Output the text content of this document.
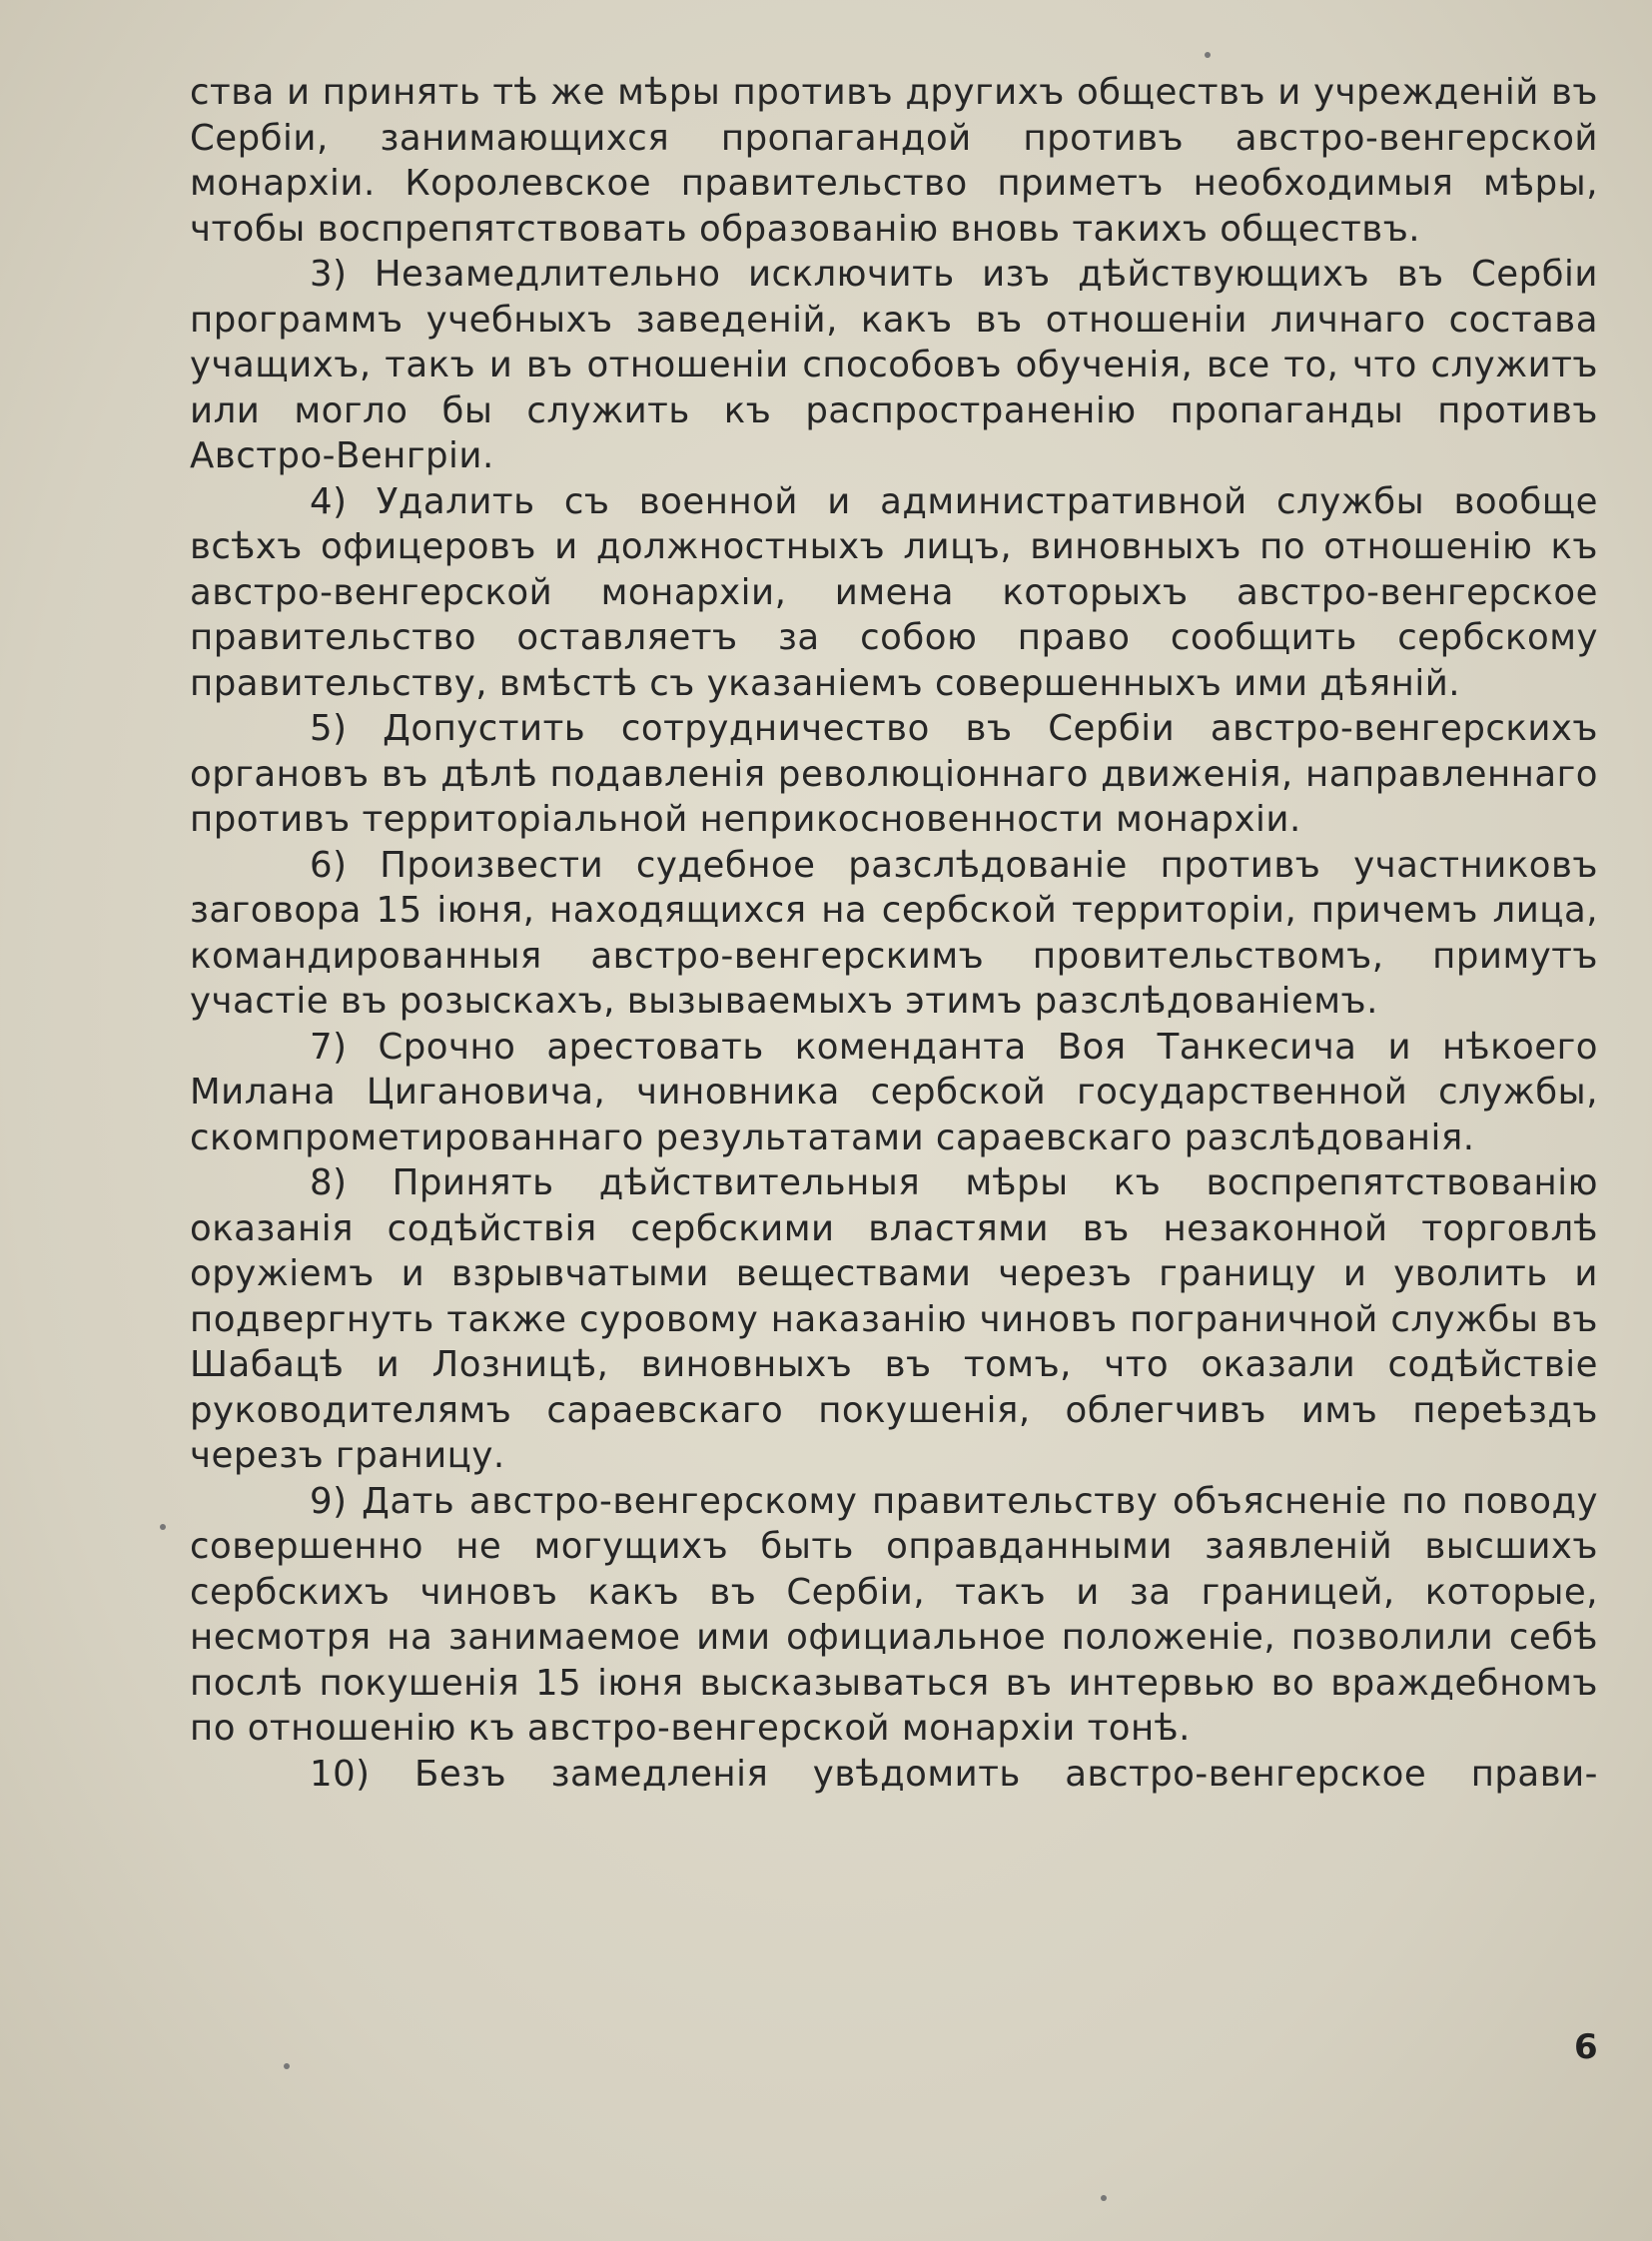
ства и принять тѣ же мѣры противъ другихъ обществъ и учрежденій въ Сербіи, занимающихся пропагандой противъ австро-венгерской монархіи. Королевское правительство приметъ необходимыя мѣры, чтобы воспрепятствовать образованію вновь такихъ обществъ.

3) Незамедлительно исключить изъ дѣйствующихъ въ Сербіи программъ учебныхъ заведеній, какъ въ отношеніи личнаго состава учащихъ, такъ и въ отношеніи способовъ обученія, все то, что служитъ или могло бы служить къ распространенію пропаганды противъ Австро-Венгріи.

4) Удалить съ военной и административной службы вообще всѣхъ офицеровъ и должностныхъ лицъ, виновныхъ по отношенію къ австро-венгерской монархіи, имена которыхъ австро-венгерское правительство оставляетъ за собою право сообщить сербскому правительству, вмѣстѣ съ указаніемъ совершенныхъ ими дѣяній.

5) Допустить сотрудничество въ Сербіи австро-венгерскихъ органовъ въ дѣлѣ подавленія революціоннаго движенія, направленнаго противъ территоріальной неприкосновенности монархіи.

6) Произвести судебное разслѣдованіе противъ участниковъ заговора 15 іюня, находящихся на сербской территоріи, причемъ лица, командированныя австро-венгерскимъ провительствомъ, примутъ участіе въ розыскахъ, вызываемыхъ этимъ разслѣдованіемъ.

7) Срочно арестовать коменданта Воя Танкесича и нѣкоего Милана Цигановича, чиновника сербской государственной службы, скомпрометированнаго результатами сараевскаго разслѣдованія.

8) Принять дѣйствительныя мѣры къ воспрепятствованію оказанія содѣйствія сербскими властями въ незаконной торговлѣ оружіемъ и взрывчатыми веществами черезъ границу и уволить и подвергнуть также суровому наказанію чиновъ пограничной службы въ Шабацѣ и Лозницѣ, виновныхъ въ томъ, что оказали содѣйствіе руководителямъ сараевскаго покушенія, облегчивъ имъ переѣздъ черезъ границу.

9) Дать австро-венгерскому правительству объясненіе по поводу совершенно не могущихъ быть оправданными заявленій высшихъ сербскихъ чиновъ какъ въ Сербіи, такъ и за границей, которые, несмотря на занимаемое ими официальное положеніе, позволили себѣ послѣ покушенія 15 іюня высказываться въ интервью во враждебномъ по отношенію къ австро-венгерской монархіи тонѣ.

10) Безъ замедленія увѣдомить австро-венгерское прави-

6
